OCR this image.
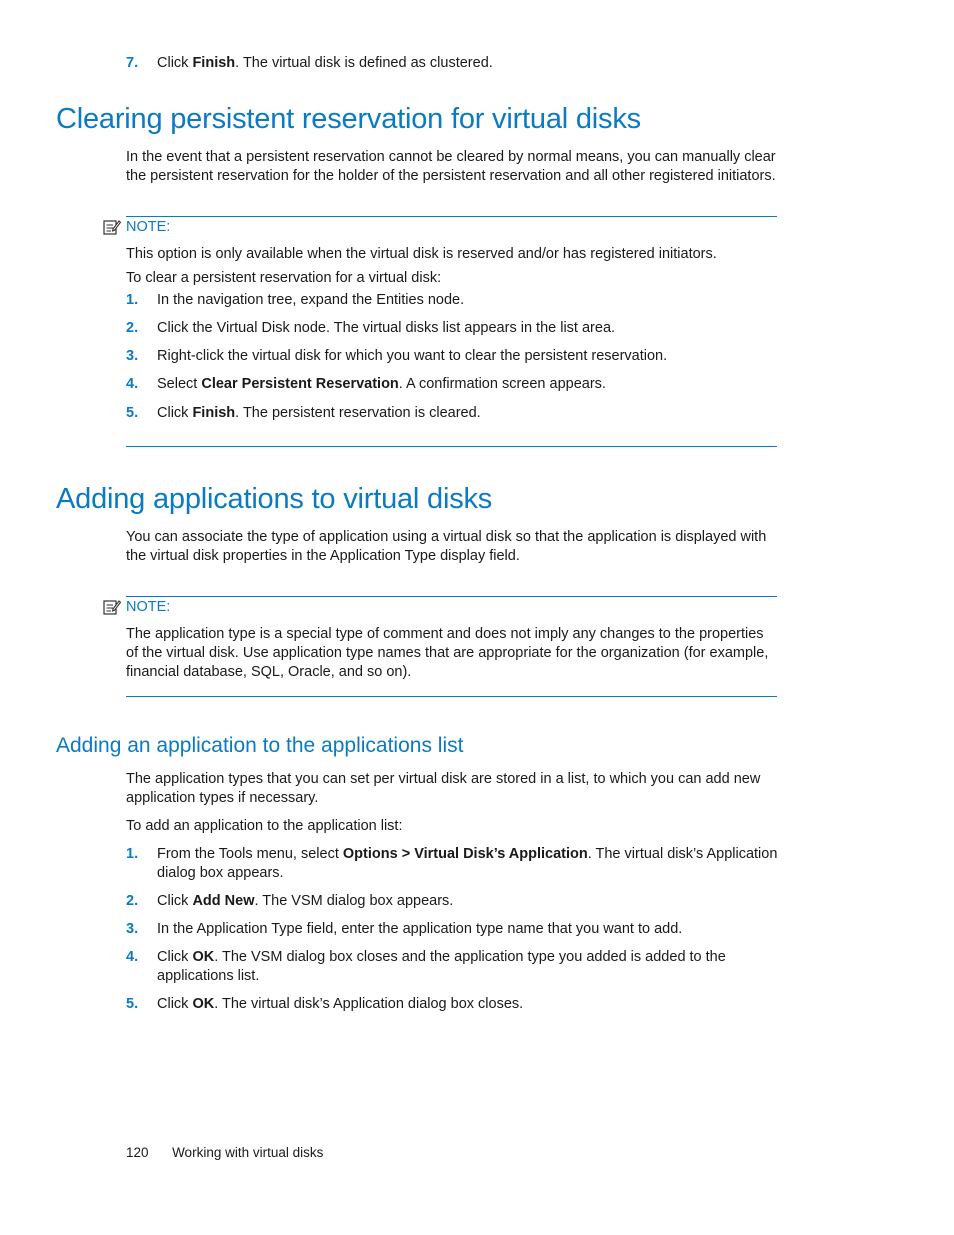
7. Click Finish. The virtual disk is defined as clustered.
Clearing persistent reservation for virtual disks
In the event that a persistent reservation cannot be cleared by normal means, you can manually clear
the persistent reservation for the holder of the persistent reservation and all other registered initiators.
NOTE:
This option is only available when the virtual disk is reserved and/or has registered initiators.
To clear a persistent reservation for a virtual disk:
1. In the navigation tree, expand the Entities node.
2. Click the Virtual Disk node. The virtual disks list appears in the list area.
3. Right-click the virtual disk for which you want to clear the persistent reservation.
4. Select Clear Persistent Reservation. A confirmation screen appears.
5. Click Finish. The persistent reservation is cleared.
Adding applications to virtual disks
You can associate the type of application using a virtual disk so that the application is displayed with
the virtual disk properties in the Application Type display field.
NOTE:
The application type is a special type of comment and does not imply any changes to the properties
of the virtual disk. Use application type names that are appropriate for the organization (for example,
financial database, SQL, Oracle, and so on).
Adding an application to the applications list
The application types that you can set per virtual disk are stored in a list, to which you can add new
application types if necessary.
To add an application to the application list:
1. From the Tools menu, select Options > Virtual Disk’s Application. The virtual disk’s Application
dialog box appears.
2. Click Add New. The VSM dialog box appears.
3. In the Application Type field, enter the application type name that you want to add.
4. Click OK. The VSM dialog box closes and the application type you added is added to the
applications list.
5. Click OK. The virtual disk’s Application dialog box closes.
120 Working with virtual disks
